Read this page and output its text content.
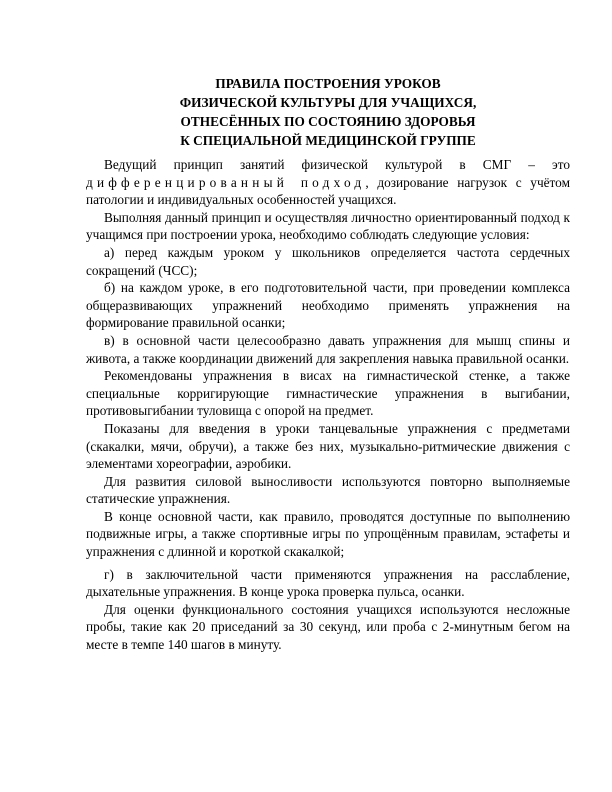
ПРАВИЛА ПОСТРОЕНИЯ УРОКОВ
ФИЗИЧЕСКОЙ КУЛЬТУРЫ ДЛЯ УЧАЩИХСЯ,
ОТНЕСЁННЫХ ПО СОСТОЯНИЮ ЗДОРОВЬЯ
К СПЕЦИАЛЬНОЙ МЕДИЦИНСКОЙ ГРУППЕ

Ведущий принцип занятий физической культурой в СМГ – это дифференцированный подход, дозирование нагрузок с учётом патологии и индивидуальных особенностей учащихся.

Выполняя данный принцип и осуществляя личностно ориентированный подход к учащимся при построении урока, необходимо соблюдать следующие условия:

а) перед каждым уроком у школьников определяется частота сердечных сокращений (ЧСС);

б) на каждом уроке, в его подготовительной части, при проведении комплекса общеразвивающих упражнений необходимо применять упражнения на формирование правильной осанки;

в) в основной части целесообразно давать упражнения для мышц спины и живота, а также координации движений для закрепления навыка правильной осанки.

Рекомендованы упражнения в висах на гимнастической стенке, а также специальные корригирующие гимнастические упражнения в выгибании, противовыгибании туловища с опорой на предмет.

Показаны для введения в уроки танцевальные упражнения с предметами (скакалки, мячи, обручи), а также без них, музыкально-ритмические движения с элементами хореографии, аэробики.

Для развития силовой выносливости используются повторно выполняемые статические упражнения.

В конце основной части, как правило, проводятся доступные по выполнению подвижные игры, а также спортивные игры по упрощённым правилам, эстафеты и упражнения с длинной и короткой скакалкой;

г) в заключительной части применяются упражнения на расслабление, дыхательные упражнения. В конце урока проверка пульса, осанки.

Для оценки функционального состояния учащихся используются несложные пробы, такие как 20 приседаний за 30 секунд, или проба с 2-минутным бегом на месте в темпе 140 шагов в минуту.
